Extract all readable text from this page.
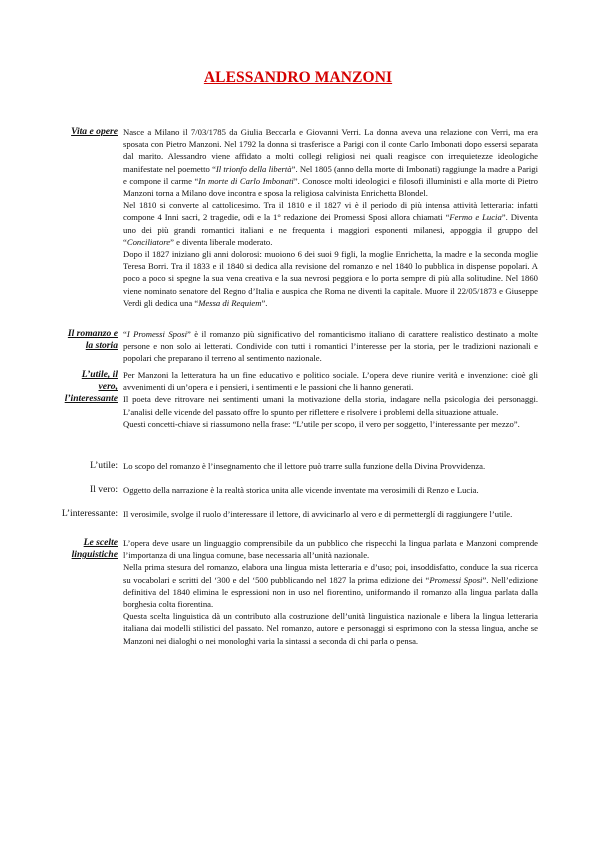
ALESSANDRO MANZONI
Vita e opere Nasce a Milano il 7/03/1785 da Giulia Beccarla e Giovanni Verri. La donna aveva una relazione con Verri, ma era sposata con Pietro Manzoni. Nel 1792 la donna si trasferisce a Parigi con il conte Carlo Imbonati dopo essersi separata dal marito. Alessandro viene affidato a molti collegi religiosi nei quali reagisce con irrequietezze ideologiche manifestate nel poemetto “Il trionfo della libertà”. Nel 1805 (anno della morte di Imbonati) raggiunge la madre a Parigi e compone il carme “In morte di Carlo Imbonati”. Conosce molti ideologici e filosofi illuministi e alla morte di Pietro Manzoni torna a Milano dove incontra e sposa la religiosa calvinista Enrichetta Blondel.

Nel 1810 si converte al cattolicesimo. Tra il 1810 e il 1827 vi è il periodo di più intensa attività letteraria: infatti compone 4 Inni sacri, 2 tragedie, odi e la 1° redazione dei Promessi Sposi allora chiamati “Fermo e Lucia”. Diventa uno dei più grandi romantici italiani e ne frequenta i maggiori esponenti milanesi, appoggia il gruppo del “Conciliatore” e diventa liberale moderato.

Dopo il 1827 iniziano gli anni dolorosi: muoiono 6 dei suoi 9 figli, la moglie Enrichetta, la madre e la seconda moglie Teresa Borri. Tra il 1833 e il 1840 si dedica alla revisione del romanzo e nel 1840 lo pubblica in dispense popolari. A poco a poco si spegne la sua vena creativa e la sua nevrosi peggiora e lo porta sempre di più alla solitudine. Nel 1860 viene nominato senatore del Regno d’Italia e auspica che Roma ne diventi la capitale. Muore il 22/05/1873 e Giuseppe Verdi gli dedica una “Messa di Requiem”.

Il romanzo e la storia

“I Promessi Sposi” è il romanzo più significativo del romanticismo italiano di carattere realistico destinato a molte persone e non solo ai letterati. Condivide con tutti i romantici l’interesse per la storia, per le tradizioni nazionali e popolari che preparano il terreno al sentimento nazionale.

L’utile, il vero, l’interessante

Per Manzoni la letteratura ha un fine educativo e politico sociale. L’opera deve riunire verità e invenzione: cioè gli avvenimenti di un’opera e i pensieri, i sentimenti e le passioni che li hanno generati.

Il poeta deve ritrovare nei sentimenti umani la motivazione della storia, indagare nella psicologia dei personaggi. L’analisi delle vicende del passato offre lo spunto per riflettere e risolvere i problemi della situazione attuale.

Questi concetti-chiave si riassumono nella frase: “L’utile per scopo, il vero per soggetto, l’interessante per mezzo”.

L’utile: Lo scopo del romanzo è l’insegnamento che il lettore può trarre sulla funzione della Divina Provvidenza.
Il vero: Oggetto della narrazione è la realtà storica unita alle vicende inventate ma verosimili di Renzo e Lucia.
L’interessante: Il verosimile, svolge il ruolo d’interessare il lettore, di avvicinarlo al vero e di permetterglí di raggiungere l’utile.
Le scelte linguistiche

L’opera deve usare un linguaggio comprensibile da un pubblico che rispecchi la lingua parlata e Manzoni comprende l’importanza di una lingua comune, base necessaria all’unità nazionale.

Nella prima stesura del romanzo, elabora una lingua mista letteraria e d’uso; poi, insoddisfatto, conduce la sua ricerca su vocabolari e scritti del ‘300 e del ‘500 pubblicando nel 1827 la prima edizione dei “Promessi Sposi”. Nell’edizione definitiva del 1840 elimina le espressioni non in uso nel fiorentino, uniformando il romanzo alla lingua parlata dalla borghesia colta fiorentina.

Questa scelta linguistica dà un contributo alla costruzione dell’unità linguistica nazionale e libera la lingua letteraria italiana dai modelli stilistici del passato. Nel romanzo, autore e personaggi si esprimono con la stessa lingua, anche se Manzoni nei dialoghi o nei monologhi varia la sintassi a seconda di chi parla o pensa.
